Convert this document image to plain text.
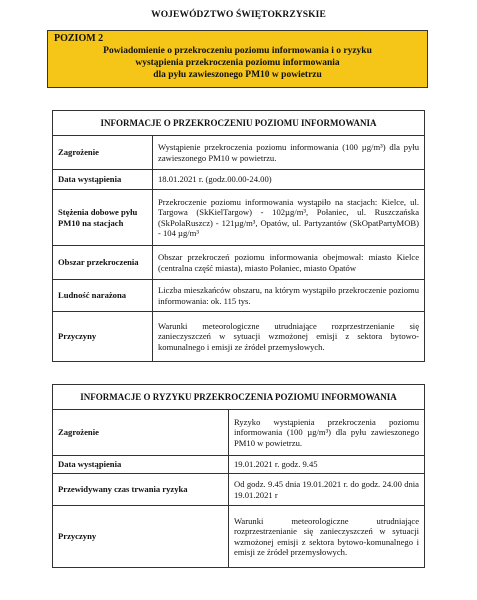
WOJEWÓDZTWO ŚWIĘTOKRZYSKIE
POZIOM 2
Powiadomienie o przekroczeniu poziomu informowania i o ryzyku
wystąpienia przekroczenia poziomu informowania
dla pyłu zawieszonego PM10 w powietrzu
INFORMACJE O PRZEKROCZENIU POZIOMU INFORMOWANIA	
Zagrożenie	Wystąpienie przekroczenia poziomu informowania (100 µg/m³) dla pyłu zawieszonego PM10 w powietrzu.
Data wystąpienia	18.01.2021 r. (godz.00.00-24.00)
Stężenia dobowe pyłu PM10 na stacjach	Przekroczenie poziomu informowania wystąpiło na stacjach: Kielce, ul. Targowa (SkKielTargow) - 102µg/m³, Połaniec, ul. Ruszczańska (SkPolaRuszcz) - 121µg/m³, Opatów, ul. Partyzantów (SkOpatPartyMOB) - 104 µg/m³
Obszar przekroczenia	Obszar przekroczeń poziomu informowania obejmował: miasto Kielce (centralna część miasta), miasto Połaniec, miasto Opatów
Ludność narażona	Liczba mieszkańców obszaru, na którym wystąpiło przekroczenie poziomu informowania: ok. 115 tys.
Przyczyny	Warunki meteorologiczne utrudniające rozprzestrzenianie się zanieczyszczeń w sytuacji wzmożonej emisji z sektora bytowo-komunalnego i emisji ze źródeł przemysłowych.
INFORMACJE O RYZYKU PRZEKROCZENIA POZIOMU INFORMOWANIA	
Zagrożenie	Ryzyko wystąpienia przekroczenia poziomu informowania (100 µg/m³) dla pyłu zawieszonego PM10 w powietrzu.
Data wystąpienia	19.01.2021 r. godz. 9.45
Przewidywany czas trwania ryzyka	Od godz. 9.45 dnia 19.01.2021 r. do godz. 24.00 dnia 19.01.2021 r
Przyczyny	Warunki meteorologiczne utrudniające rozprzestrzenianie się zanieczyszczeń w sytuacji wzmożonej emisji z sektora bytowo-komunalnego i emisji ze źródeł przemysłowych.
